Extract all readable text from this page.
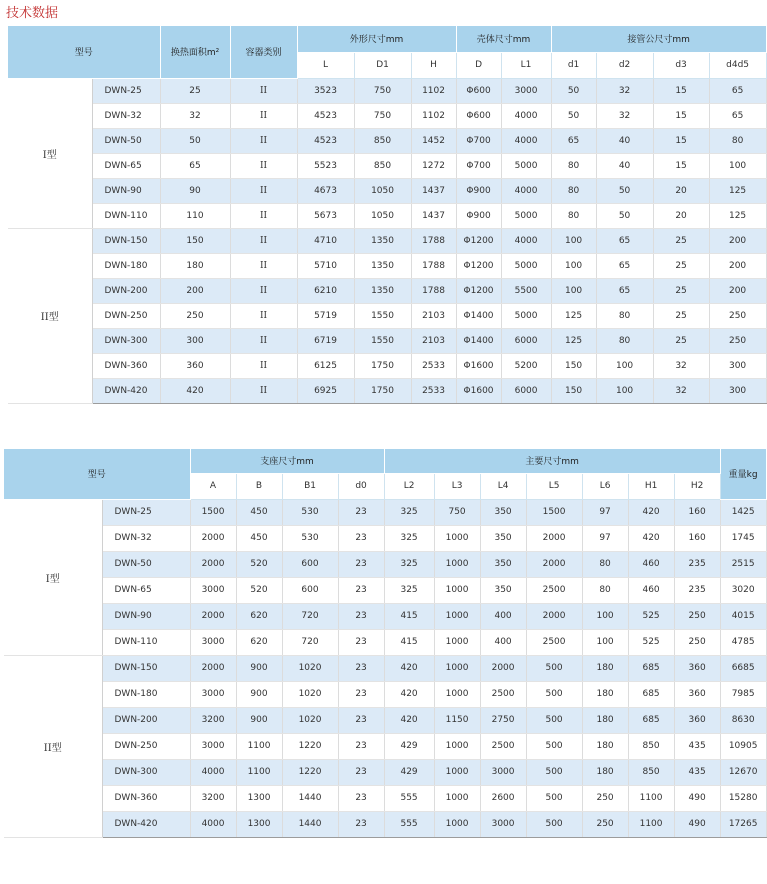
技术数据
型号		换热面积m²	容器类别	外形尺寸mm			壳体尺寸mm		接管公尺寸mm			
				L	D1	H	D	L1	d1	d2	d3	d4d5
I型	DWN-25	25	II	3523	750	1102	Φ600	3000	50	32	15	65
	DWN-32	32	II	4523	750	1102	Φ600	4000	50	32	15	65
	DWN-50	50	II	4523	850	1452	Φ700	4000	65	40	15	80
	DWN-65	65	II	5523	850	1272	Φ700	5000	80	40	15	100
	DWN-90	90	II	4673	1050	1437	Φ900	4000	80	50	20	125
	DWN-110	110	II	5673	1050	1437	Φ900	5000	80	50	20	125
II型	DWN-150	150	II	4710	1350	1788	Φ1200	4000	100	65	25	200
	DWN-180	180	II	5710	1350	1788	Φ1200	5000	100	65	25	200
	DWN-200	200	II	6210	1350	1788	Φ1200	5500	100	65	25	200
	DWN-250	250	II	5719	1550	2103	Φ1400	5000	125	80	25	250
	DWN-300	300	II	6719	1550	2103	Φ1400	6000	125	80	25	250
	DWN-360	360	II	6125	1750	2533	Φ1600	5200	150	100	32	300
	DWN-420	420	II	6925	1750	2533	Φ1600	6000	150	100	32	300
型号		支座尺寸mm				主要尺寸mm							重量kg
		A	B	B1	d0	L2	L3	L4	L5	L6	H1	H2	
I型	DWN-25	1500	450	530	23	325	750	350	1500	97	420	160	1425
	DWN-32	2000	450	530	23	325	1000	350	2000	97	420	160	1745
	DWN-50	2000	520	600	23	325	1000	350	2000	80	460	235	2515
	DWN-65	3000	520	600	23	325	1000	350	2500	80	460	235	3020
	DWN-90	2000	620	720	23	415	1000	400	2000	100	525	250	4015
	DWN-110	3000	620	720	23	415	1000	400	2500	100	525	250	4785
II型	DWN-150	2000	900	1020	23	420	1000	2000	500	180	685	360	6685
	DWN-180	3000	900	1020	23	420	1000	2500	500	180	685	360	7985
	DWN-200	3200	900	1020	23	420	1150	2750	500	180	685	360	8630
	DWN-250	3000	1100	1220	23	429	1000	2500	500	180	850	435	10905
	DWN-300	4000	1100	1220	23	429	1000	3000	500	180	850	435	12670
	DWN-360	3200	1300	1440	23	555	1000	2600	500	250	1100	490	15280
	DWN-420	4000	1300	1440	23	555	1000	3000	500	250	1100	490	17265
